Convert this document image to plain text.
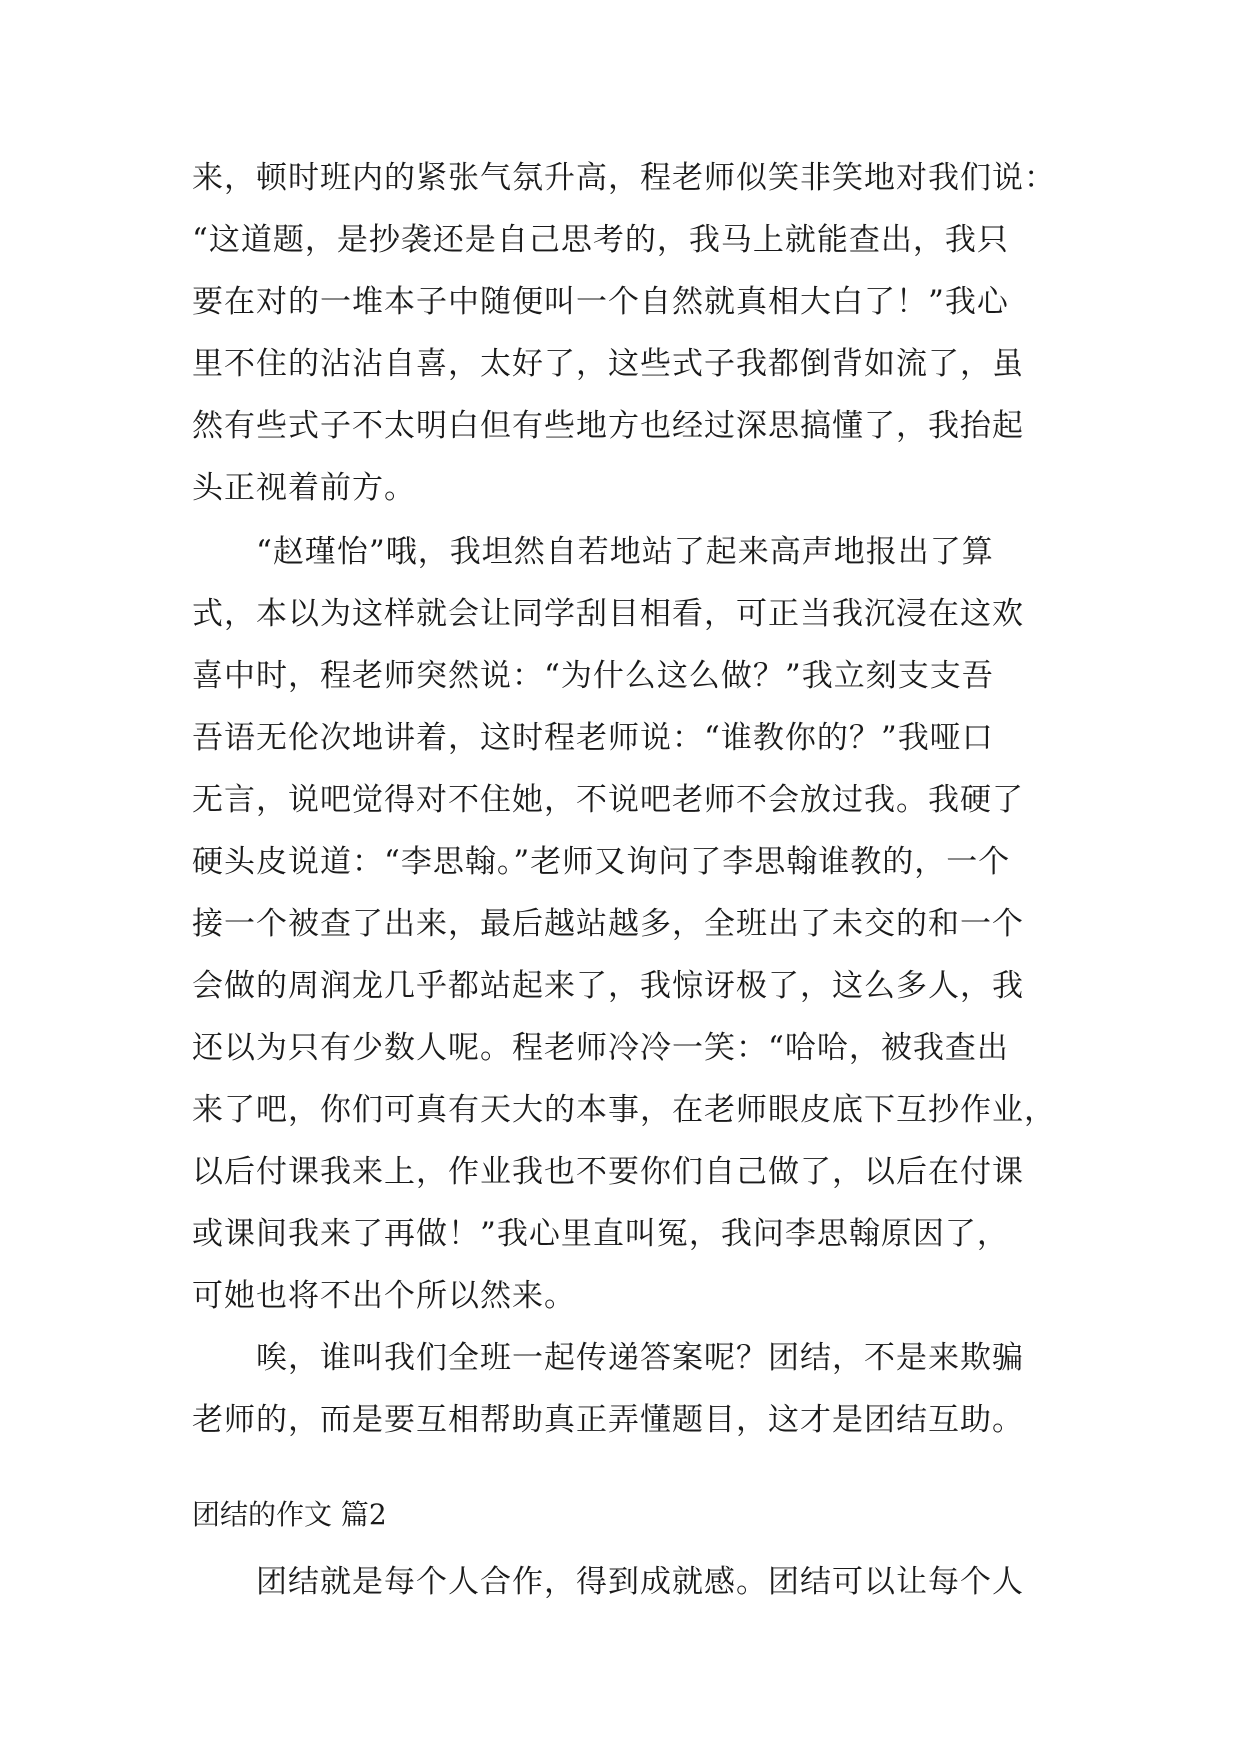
来，顿时班内的紧张气氛升高，程老师似笑非笑地对我们说：
“这道题，是抄袭还是自己思考的，我马上就能查出，我只
要在对的一堆本子中随便叫一个自然就真相大白了！”我心
里不住的沾沾自喜，太好了，这些式子我都倒背如流了，虽
然有些式子不太明白但有些地方也经过深思搞懂了，我抬起
头正视着前方。
“赵瑾怡”哦，我坦然自若地站了起来高声地报出了算
式，本以为这样就会让同学刮目相看，可正当我沉浸在这欢
喜中时，程老师突然说：“为什么这么做？”我立刻支支吾
吾语无伦次地讲着，这时程老师说：“谁教你的？”我哑口
无言，说吧觉得对不住她，不说吧老师不会放过我。我硬了
硬头皮说道：“李思翰。”老师又询问了李思翰谁教的，一个
接一个被查了出来，最后越站越多，全班出了未交的和一个
会做的周润龙几乎都站起来了，我惊讶极了，这么多人，我
还以为只有少数人呢。程老师冷冷一笑：“哈哈，被我查出
来了吧，你们可真有天大的本事，在老师眼皮底下互抄作业，
以后付课我来上，作业我也不要你们自己做了，以后在付课
或课间我来了再做！”我心里直叫冤，我问李思翰原因了，
可她也将不出个所以然来。
唉，谁叫我们全班一起传递答案呢？团结，不是来欺骗
老师的，而是要互相帮助真正弄懂题目，这才是团结互助。
团结的作文 篇2
团结就是每个人合作，得到成就感。团结可以让每个人
